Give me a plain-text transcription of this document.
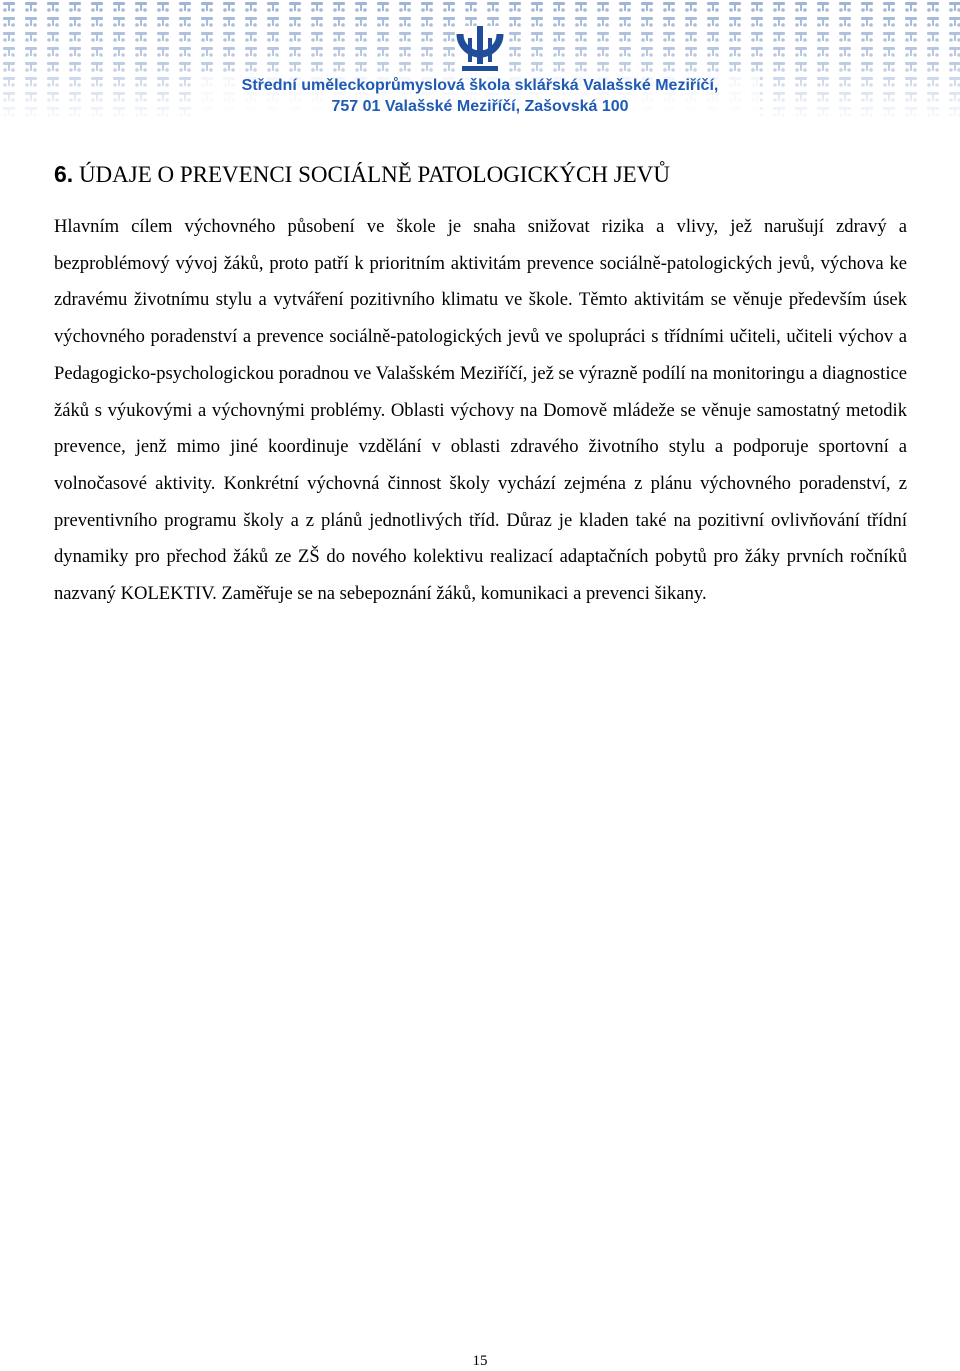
Střední uměleckoprůmyslová škola sklářská Valašské Meziříčí,
757 01 Valašské Meziříčí, Zašovská 100
6. ÚDAJE O PREVENCI SOCIÁLNĚ PATOLOGICKÝCH JEVŮ

Hlavním cílem výchovného působení ve škole je snaha snižovat rizika a vlivy, jež narušují zdravý a bezproblémový vývoj žáků, proto patří k prioritním aktivitám prevence sociálně-patologických jevů, výchova ke zdravému životnímu stylu a vytváření pozitivního klimatu ve škole. Těmto aktivitám se věnuje především úsek výchovného poradenství a prevence sociálně-patologických jevů ve spolupráci s třídními učiteli, učiteli výchov a Pedagogicko-psychologickou poradnou ve Valašském Meziříčí, jež se výrazně podílí na monitoringu a diagnostice žáků s výukovými a výchovnými problémy. Oblasti výchovy na Domově mládeže se věnuje samostatný metodik prevence, jenž mimo jiné koordinuje vzdělání v oblasti zdravého životního stylu a podporuje sportovní a volnočasové aktivity. Konkrétní výchovná činnost školy vychází zejména z plánu výchovného poradenství, z preventivního programu školy a z plánů jednotlivých tříd. Důraz je kladen také na pozitivní ovlivňování třídní dynamiky pro přechod žáků ze ZŠ do nového kolektivu realizací adaptačních pobytů pro žáky prvních ročníků nazvaný KOLEKTIV. Zaměřuje se na sebepoznání žáků, komunikaci a prevenci šikany.

15
